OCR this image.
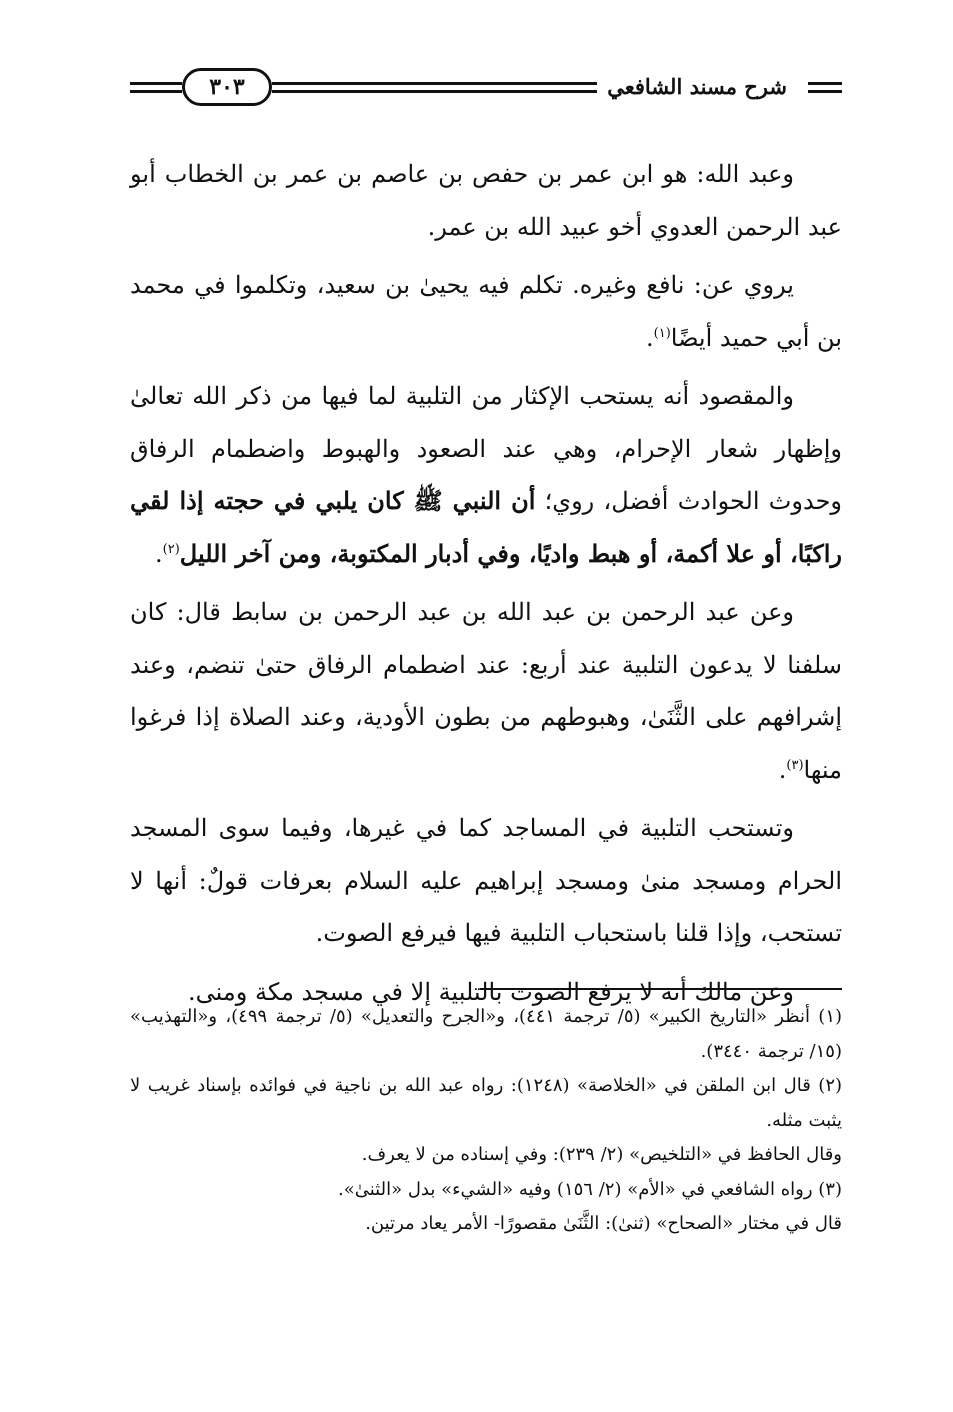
٣٠٣	شرح مسند الشافعي

وعبد الله: هو ابن عمر بن حفص بن عاصم بن عمر بن الخطاب أبو عبد الرحمن العدوي أخو عبيد الله بن عمر.

يروي عن: نافع وغيره. تكلم فيه يحيىٰ بن سعيد، وتكلموا في محمد بن أبي حميد أيضًا$^{(١)}$.

والمقصود أنه يستحب الإكثار من التلبية لما فيها من ذكر الله تعالىٰ وإظهار شعار الإحرام، وهي عند الصعود والهبوط واضطمام الرفاق وحدوث الحوادث أفضل، روي؛ أن النبي ﷺ كان يلبي في حجته إذا لقي راكبًا، أو علا أكمة، أو هبط واديًا، وفي أدبار المكتوبة، ومن آخر الليل$^{(٢)}$.

وعن عبد الرحمن بن عبد الله بن عبد الرحمن بن سابط قال: كان سلفنا لا يدعون التلبية عند أربع: عند اضطمام الرفاق حتىٰ تنضم، وعند إشرافهم على الثَّنَىٰ، وهبوطهم من بطون الأودية، وعند الصلاة إذا فرغوا منها$^{(٣)}$.

وتستحب التلبية في المساجد كما في غيرها، وفيما سوى المسجد الحرام ومسجد منىٰ ومسجد إبراهيم عليه السلام بعرفات قولٌ: أنها لا تستحب، وإذا قلنا باستحباب التلبية فيها فيرفع الصوت.

وعن مالك أنه لا يرفع الصوت بالتلبية إلا في مسجد مكة ومنى.

(١) أنظر «التاريخ الكبير» (٥/ ترجمة ٤٤١)، و«الجرح والتعديل» (٥/ ترجمة ٤٩٩)، و«التهذيب» (١٥/ ترجمة ٣٤٤٠).

(٢) قال ابن الملقن في «الخلاصة» (١٢٤٨): رواه عبد الله بن ناجية في فوائده بإسناد غريب لا يثبت مثله.

وقال الحافظ في «التلخيص» (٢/ ٢٣٩): وفي إسناده من لا يعرف.

(٣) رواه الشافعي في «الأم» (٢/ ١٥٦) وفيه «الشيء» بدل «الثنىٰ».

قال في مختار «الصحاح» (ثنىٰ): الثَّنَىٰ مقصورًا- الأمر يعاد مرتين.
